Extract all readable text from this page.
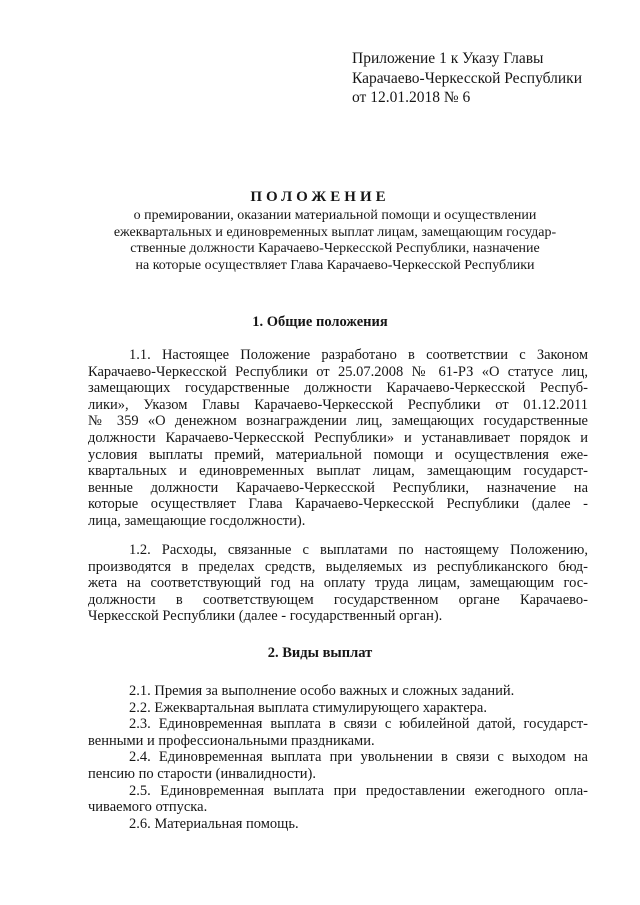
Приложение 1 к Указу Главы
Карачаево-Черкесской Республики
от 12.01.2018 № 6
ПОЛОЖЕНИЕ
о премировании, оказании материальной помощи и осуществлении
ежеквартальных и единовременных выплат лицам, замещающим государ-
ственные должности Карачаево-Черкесской Республики, назначение
на которые осуществляет Глава Карачаево-Черкесской Республики
1. Общие положения
1.1. Настоящее Положение разработано в соответствии с Законом
Карачаево-Черкесской Республики от 25.07.2008 № 61-РЗ «О статусе лиц,
замещающих государственные должности Карачаево-Черкесской Респуб-
лики», Указом Главы Карачаево-Черкесской Республики от 01.12.2011
№ 359 «О денежном вознаграждении лиц, замещающих государственные
должности Карачаево-Черкесской Республики» и устанавливает порядок и
условия выплаты премий, материальной помощи и осуществления еже-
квартальных и единовременных выплат лицам, замещающим государст-
венные должности Карачаево-Черкесской Республики, назначение на
которые осуществляет Глава Карачаево-Черкесской Республики (далее -
лица, замещающие госдолжности).
1.2. Расходы, связанные с выплатами по настоящему Положению,
производятся в пределах средств, выделяемых из республиканского бюд-
жета на соответствующий год на оплату труда лицам, замещающим гос-
должности в соответствующем государственном органе Карачаево-
Черкесской Республики (далее - государственный орган).
2. Виды выплат
2.1. Премия за выполнение особо важных и сложных заданий.
2.2. Ежеквартальная выплата стимулирующего характера.
2.3. Единовременная выплата в связи с юбилейной датой, государст-
венными и профессиональными праздниками.
2.4. Единовременная выплата при увольнении в связи с выходом на
пенсию по старости (инвалидности).
2.5. Единовременная выплата при предоставлении ежегодного опла-
чиваемого отпуска.
2.6. Материальная помощь.
